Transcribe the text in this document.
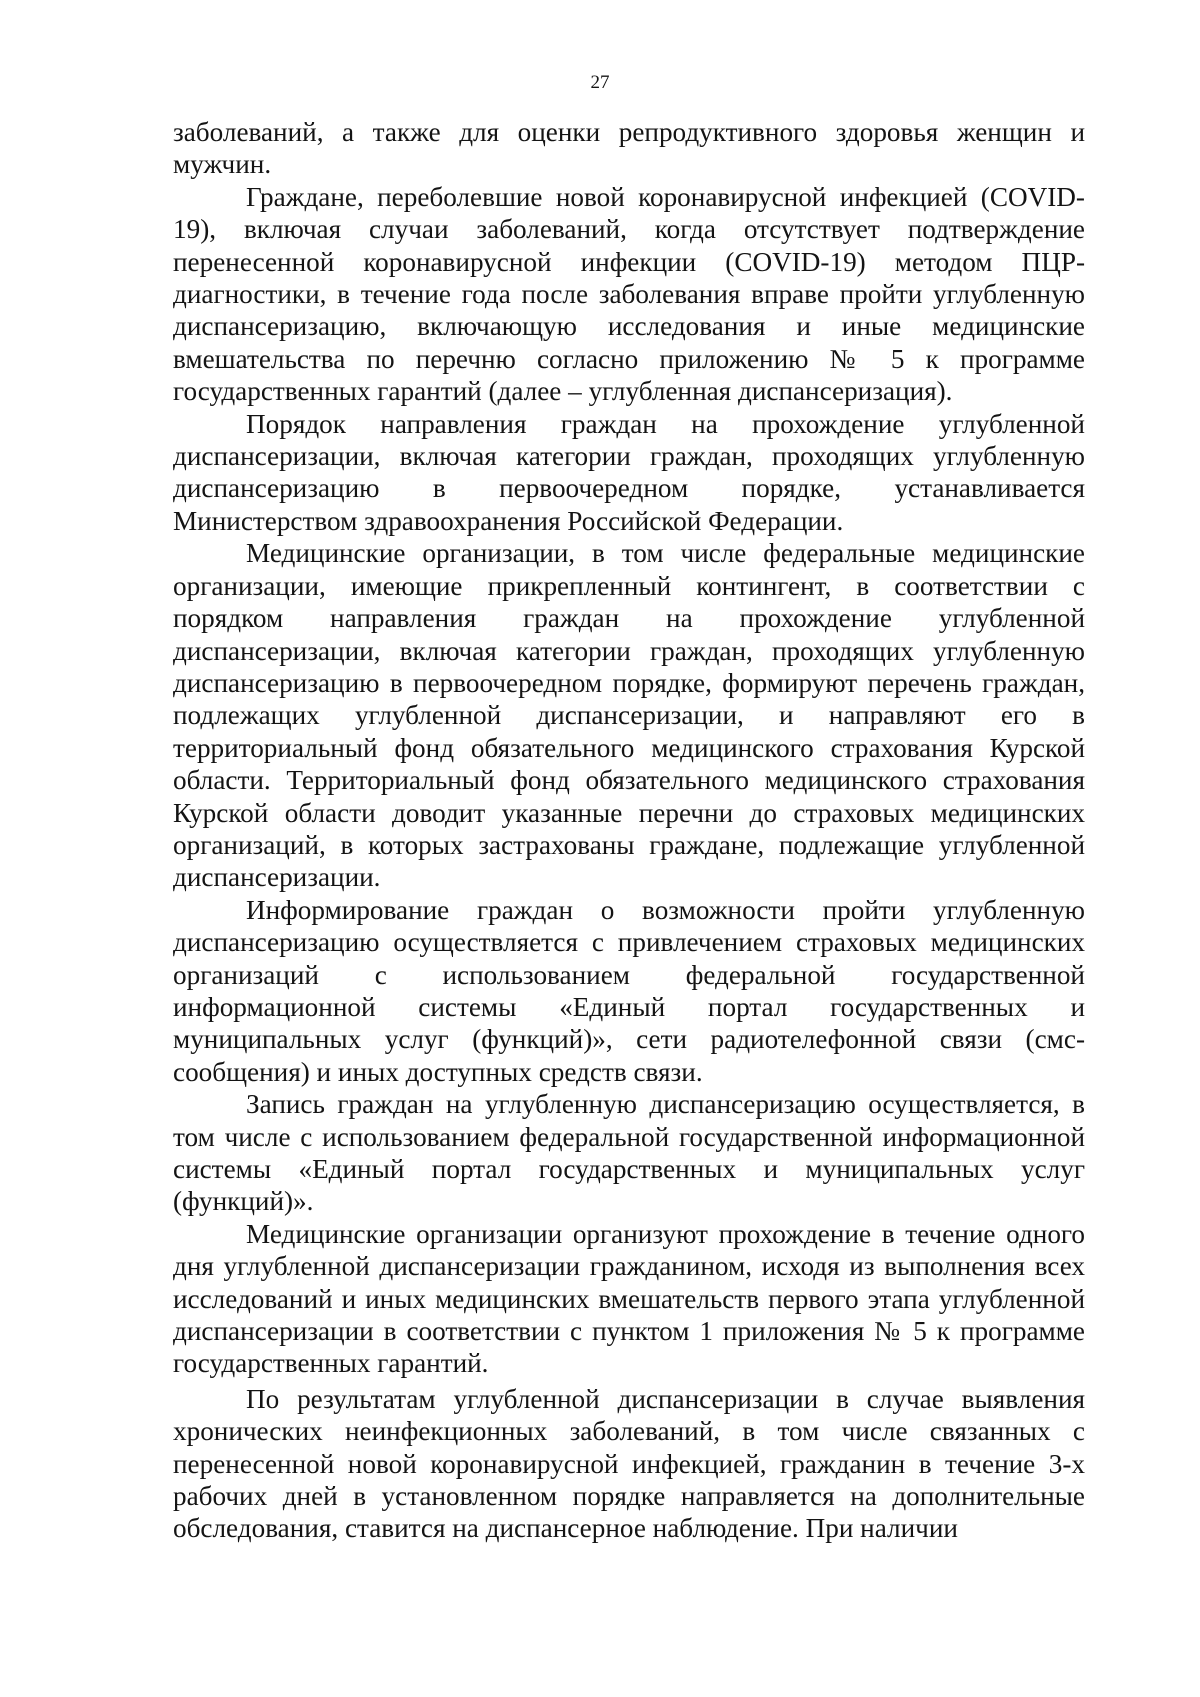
27

заболеваний, а также для оценки репродуктивного здоровья женщин и мужчин.

Граждане, переболевшие новой коронавирусной инфекцией (COVID-19), включая случаи заболеваний, когда отсутствует подтверждение перенесенной коронавирусной инфекции (COVID-19) методом ПЦР-диагностики, в течение года после заболевания вправе пройти углубленную диспансеризацию, включающую исследования и иные медицинские вмешательства по перечню согласно приложению № 5 к программе государственных гарантий (далее – углубленная диспансеризация).

Порядок направления граждан на прохождение углубленной диспансеризации, включая категории граждан, проходящих углубленную диспансеризацию в первоочередном порядке, устанавливается Министерством здравоохранения Российской Федерации.

Медицинские организации, в том числе федеральные медицинские организации, имеющие прикрепленный контингент, в соответствии с порядком направления граждан на прохождение углубленной диспансеризации, включая категории граждан, проходящих углубленную диспансеризацию в первоочередном порядке, формируют перечень граждан, подлежащих углубленной диспансеризации, и направляют его в территориальный фонд обязательного медицинского страхования Курской области. Территориальный фонд обязательного медицинского страхования Курской области доводит указанные перечни до страховых медицинских организаций, в которых застрахованы граждане, подлежащие углубленной диспансеризации.

Информирование граждан о возможности пройти углубленную диспансеризацию осуществляется с привлечением страховых медицинских организаций с использованием федеральной государственной информационной системы «Единый портал государственных и муниципальных услуг (функций)», сети радиотелефонной связи (смс-сообщения) и иных доступных средств связи.

Запись граждан на углубленную диспансеризацию осуществляется, в том числе с использованием федеральной государственной информационной системы «Единый портал государственных и муниципальных услуг (функций)».

Медицинские организации организуют прохождение в течение одного дня углубленной диспансеризации гражданином, исходя из выполнения всех исследований и иных медицинских вмешательств первого этапа углубленной диспансеризации в соответствии с пунктом 1 приложения № 5 к программе государственных гарантий.

По результатам углубленной диспансеризации в случае выявления хронических неинфекционных заболеваний, в том числе связанных с перенесенной новой коронавирусной инфекцией, гражданин в течение 3-х рабочих дней в установленном порядке направляется на дополнительные обследования, ставится на диспансерное наблюдение. При наличии
